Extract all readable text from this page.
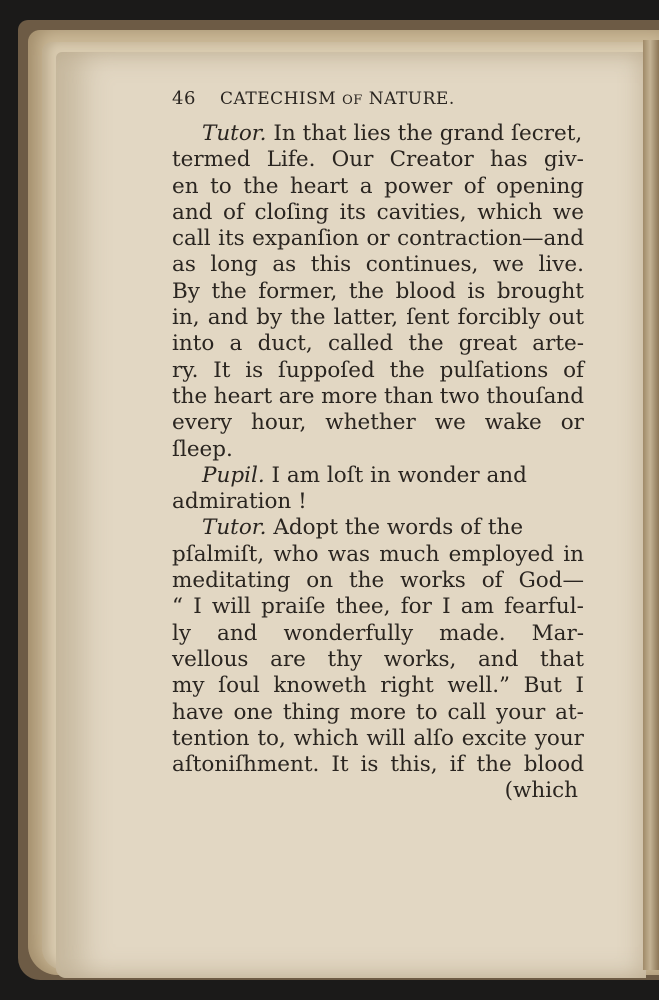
46	CATECHISM OF NATURE.
Tutor. In that lies the grand ſecret,
termed Life. Our Creator has giv-
en to the heart a power of opening
and of cloſing its cavities, which we
call its expanſion or contraction—and
as long as this continues, we live.
By the former, the blood is brought
in, and by the latter, ſent forcibly out
into a duct, called the great arte-
ry. It is ſuppoſed the pulſations of
the heart are more than two thouſand
every hour, whether we wake or
ſleep.
Pupil. I am loſt in wonder and
admiration !
Tutor. Adopt the words of the
pſalmiſt, who was much employed in
meditating on the works of God—
“ I will praiſe thee, for I am fearful-
ly and wonderfully made. Mar-
vellous are thy works, and that
my ſoul knoweth right well.” But I
have one thing more to call your at-
tention to, which will alſo excite your
aſtoniſhment. It is this, if the blood
(which
